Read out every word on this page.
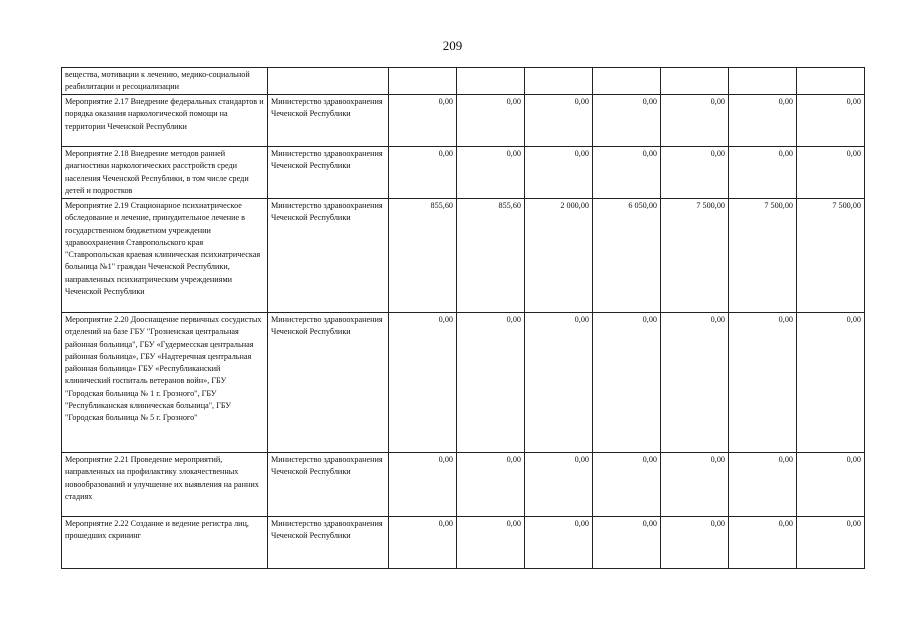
209
вещества, мотивации к лечению, медико-социальной реабилитации и ресоциализации								
Мероприятие 2.17 Внедрение федеральных стандартов и порядка оказания наркологической помощи на территории Чеченской Республики	Министерство здравоохранения Чеченской Республики	0,00	0,00	0,00	0,00	0,00	0,00	0,00
Мероприятие 2.18 Внедрение методов ранней диагностики наркологических расстройств среди населения Чеченской Республики, в том числе среди детей и подростков	Министерство здравоохранения Чеченской Республики	0,00	0,00	0,00	0,00	0,00	0,00	0,00
Мероприятие 2.19 Стационарное психиатрическое обследование и лечение, принудительное лечение в государственном бюджетном учреждении здравоохранения Ставропольского края "Ставропольская краевая клиническая психиатрическая больница №1" граждан Чеченской Республики, направленных психиатрическим учреждениями Чеченской Республики	Министерство здравоохранения Чеченской Республики	855,60	855,60	2 000,00	6 050,00	7 500,00	7 500,00	7 500,00
Мероприятие 2.20 Дооснащение первичных сосудистых отделений на базе ГБУ "Грозненская центральная районная больница", ГБУ «Гудермесская центральная районная больница», ГБУ «Надтеречная центральная районная больница» ГБУ «Республиканский клинический госпиталь ветеранов войн», ГБУ "Городская больница № 1 г. Грозного", ГБУ "Республиканская клиническая больница", ГБУ "Городская больница № 5 г. Грозного"	Министерство здравоохранения Чеченской Республики	0,00	0,00	0,00	0,00	0,00	0,00	0,00
Мероприятие 2.21 Проведение мероприятий, направленных на профилактику злокачественных новообразований и улучшение их выявления на ранних стадиях	Министерство здравоохранения Чеченской Республики	0,00	0,00	0,00	0,00	0,00	0,00	0,00
Мероприятие 2.22 Создание и ведение регистра лиц, прошедших скрининг	Министерство здравоохранения Чеченской Республики	0,00	0,00	0,00	0,00	0,00	0,00	0,00
